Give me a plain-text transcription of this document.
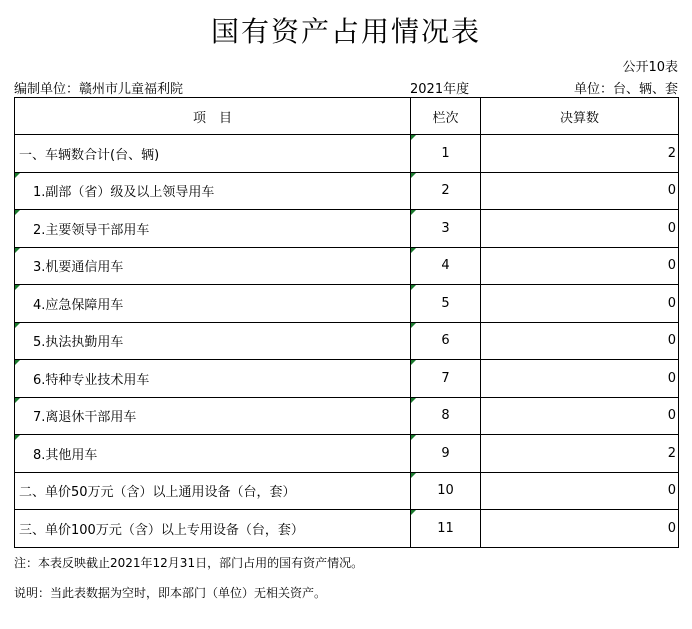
国有资产占用情况表
公开10表
编制单位：赣州市儿童福利院	2021年度	单位：台、辆、套
项　目	栏次	决算数
一、车辆数合计(台、辆)	1	2

1.副部（省）级及以上领导用车	2	0

2.主要领导干部用车	3	0

3.机要通信用车	4	0

4.应急保障用车	5	0

5.执法执勤用车	6	0

6.特种专业技术用车	7	0

7.离退休干部用车	8	0

8.其他用车	9	2
二、单价50万元（含）以上通用设备（台，套）	10	0
三、单价100万元（含）以上专用设备（台，套）	11	0
注：本表反映截止2021年12月31日，部门占用的国有资产情况。
说明：当此表数据为空时，即本部门（单位）无相关资产。
